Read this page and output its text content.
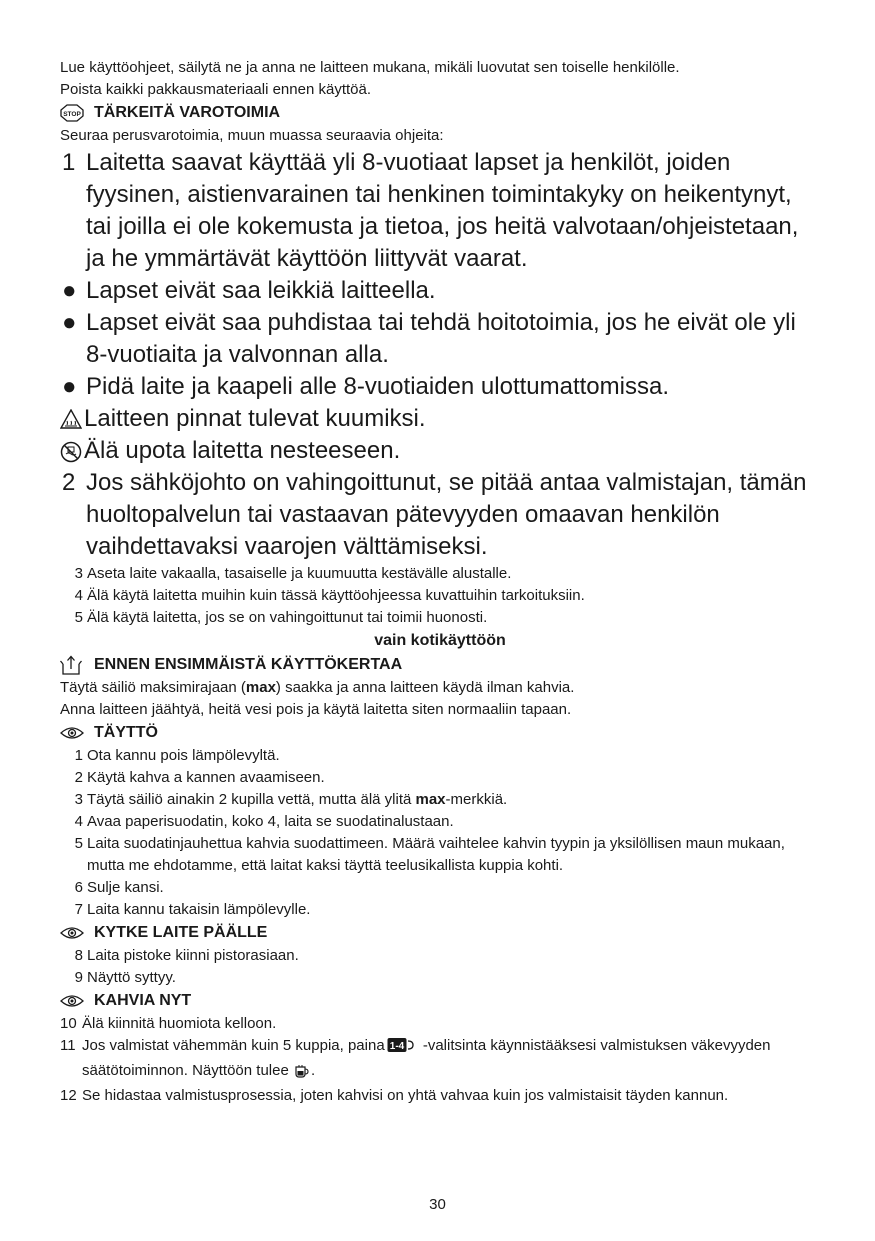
Lue käyttöohjeet, säilytä ne ja anna ne laitteen mukana, mikäli luovutat sen toiselle henkilölle.
Poista kaikki pakkausmateriaali ennen käyttöä.
STOP TÄRKEITÄ VAROTOIMIA
Seuraa perusvarotoimia, muun muassa seuraavia ohjeita:
1 Laitetta saavat käyttää yli 8-vuotiaat lapset ja henkilöt, joiden fyysinen, aistienvarainen tai henkinen toimintakyky on heikentynyt, tai joilla ei ole kokemusta ja tietoa, jos heitä valvotaan/ohjeistetaan, ja he ymmärtävät käyttöön liittyvät vaarat.
● Lapset eivät saa leikkiä laitteella.
● Lapset eivät saa puhdistaa tai tehdä hoitotoimia, jos he eivät ole yli 8-vuotiaita ja valvonnan alla.
● Pidä laite ja kaapeli alle 8-vuotiaiden ulottumattomissa.
Laitteen pinnat tulevat kuumiksi.
Älä upota laitetta nesteeseen.
2 Jos sähköjohto on vahingoittunut, se pitää antaa valmistajan, tämän huoltopalvelun tai vastaavan pätevyyden omaavan henkilön vaihdettavaksi vaarojen välttämiseksi.
3 Aseta laite vakaalla, tasaiselle ja kuumuutta kestävälle alustalle.
4 Älä käytä laitetta muihin kuin tässä käyttöohjeessa kuvattuihin tarkoituksiin.
5 Älä käytä laitetta, jos se on vahingoittunut tai toimii huonosti.
vain kotikäyttöön
ENNEN ENSIMMÄISTÄ KÄYTTÖKERTAA
Täytä säiliö maksimirajaan (max) saakka ja anna laitteen käydä ilman kahvia.
Anna laitteen jäähtyä, heitä vesi pois ja käytä laitetta siten normaaliin tapaan.
TÄYTTÖ
1 Ota kannu pois lämpölevyltä.
2 Käytä kahva a kannen avaamiseen.
3 Täytä säiliö ainakin 2 kupilla vettä, mutta älä ylitä max-merkkiä.
4 Avaa paperisuodatin, koko 4, laita se suodatinalustaan.
5 Laita suodatinjauhettua kahvia suodattimeen. Määrä vaihtelee kahvin tyypin ja yksilöllisen maun mukaan, mutta me ehdotamme, että laitat kaksi täyttä teelusikallista kuppia kohti.
6 Sulje kansi.
7 Laita kannu takaisin lämpölevylle.
KYTKE LAITE PÄÄLLE
8 Laita pistoke kiinni pistorasiaan.
9 Näyttö syttyy.
KAHVIA NYT
10 Älä kiinnitä huomiota kelloon.
11 Jos valmistat vähemmän kuin 5 kuppia, paina 1-4 -valitsinta käynnistääksesi valmistuksen väkevyyden säätötoiminnon. Näyttöön tulee .
12 Se hidastaa valmistusprosessia, joten kahvisi on yhtä vahvaa kuin jos valmistaisit täyden kannun.
30
